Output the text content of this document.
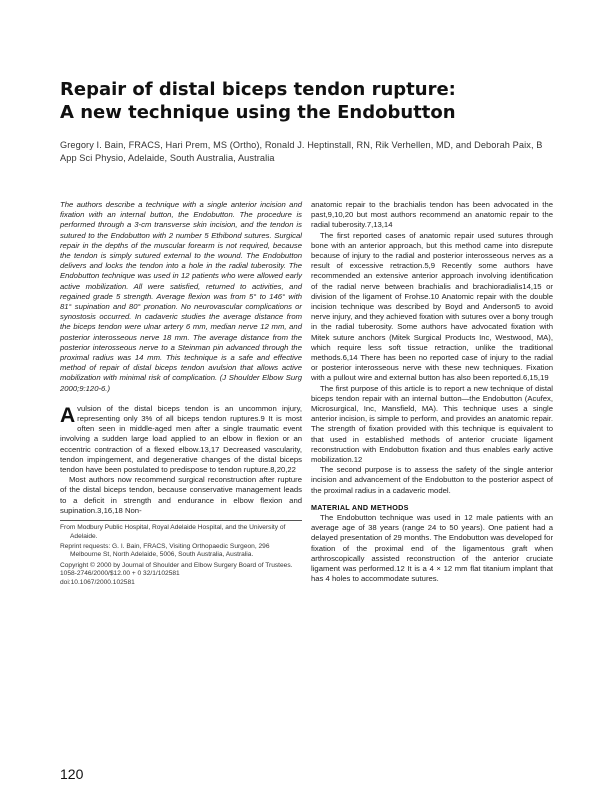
Repair of distal biceps tendon rupture:
A new technique using the Endobutton
Gregory I. Bain, FRACS, Hari Prem, MS (Ortho), Ronald J. Heptinstall, RN, Rik Verhellen, MD, and Deborah Paix, B App Sci Physio, Adelaide, South Australia, Australia

The authors describe a technique with a single anterior incision and fixation with an internal button, the Endobutton. The procedure is performed through a 3-cm transverse skin incision, and the tendon is sutured to the Endobutton with 2 number 5 Ethibond sutures. Surgical repair in the depths of the muscular forearm is not required, because the tendon is simply sutured external to the wound. The Endobutton delivers and locks the tendon into a hole in the radial tuberosity. The Endobutton technique was used in 12 patients who were allowed early active mobilization. All were satisfied, returned to activities, and regained grade 5 strength. Average flexion was from 5° to 146° with 81° supination and 80° pronation. No neurovascular complications or synostosis occurred. In cadaveric studies the average distance from the biceps tendon were ulnar artery 6 mm, median nerve 12 mm, and posterior interosseous nerve 18 mm. The average distance from the posterior interosseous nerve to a Steinman pin advanced through the proximal radius was 14 mm. This technique is a safe and effective method of repair of distal biceps tendon avulsion that allows active mobilization with minimal risk of complication. (J Shoulder Elbow Surg 2000;9:120-6.)

Avulsion of the distal biceps tendon is an uncommon injury, representing only 3% of all biceps tendon ruptures.9 It is most often seen in middle-aged men after a single traumatic event involving a sudden large load applied to an elbow in flexion or an eccentric contraction of a flexed elbow.13,17 Decreased vascularity, tendon impingement, and degenerative changes of the distal biceps tendon have been postulated to predispose to tendon rupture.8,20,22

Most authors now recommend surgical reconstruction after rupture of the distal biceps tendon, because conservative management leads to a deficit in strength and endurance in elbow flexion and supination.3,16,18 Non-

From Modbury Public Hospital, Royal Adelaide Hospital, and the University of Adelaide.

Reprint requests: G. I. Bain, FRACS, Visiting Orthopaedic Surgeon, 296 Melbourne St, North Adelaide, 5006, South Australia, Australia.

Copyright © 2000 by Journal of Shoulder and Elbow Surgery Board of Trustees.

1058-2746/2000/$12.00 + 0 32/1/102581

doi:10.1067/2000.102581

anatomic repair to the brachialis tendon has been advocated in the past,9,10,20 but most authors recommend an anatomic repair to the radial tuberosity.7,13,14

The first reported cases of anatomic repair used sutures through bone with an anterior approach, but this method came into disrepute because of injury to the radial and posterior interosseous nerves as a result of excessive retraction.5,9 Recently some authors have recommended an extensive anterior approach involving identification of the radial nerve between brachialis and brachioradialis14,15 or division of the ligament of Frohse.10 Anatomic repair with the double incision technique was described by Boyd and Anderson5 to avoid nerve injury, and they achieved fixation with sutures over a bony trough in the radial tuberosity. Some authors have advocated fixation with Mitek suture anchors (Mitek Surgical Products Inc, Westwood, MA), which require less soft tissue retraction, unlike the traditional methods.6,14 There has been no reported case of injury to the radial or posterior interosseous nerve with these new techniques. Fixation with a pullout wire and external button has also been reported.6,15,19

The first purpose of this article is to report a new technique of distal biceps tendon repair with an internal button—the Endobutton (Acufex, Microsurgical, Inc, Mansfield, MA). This technique uses a single anterior incision, is simple to perform, and provides an anatomic repair. The strength of fixation provided with this technique is equivalent to that used in established methods of anterior cruciate ligament reconstruction with Endobutton fixation and thus enables early active mobilization.12

The second purpose is to assess the safety of the single anterior incision and advancement of the Endobutton to the posterior aspect of the proximal radius in a cadaveric model.

MATERIAL AND METHODS

The Endobutton technique was used in 12 male patients with an average age of 38 years (range 24 to 50 years). One patient had a delayed presentation of 29 months. The Endobutton was developed for fixation of the proximal end of the ligamentous graft when arthroscopically assisted reconstruction of the anterior cruciate ligament was performed.12 It is a 4 × 12 mm flat titanium implant that has 4 holes to accommodate sutures.

120
